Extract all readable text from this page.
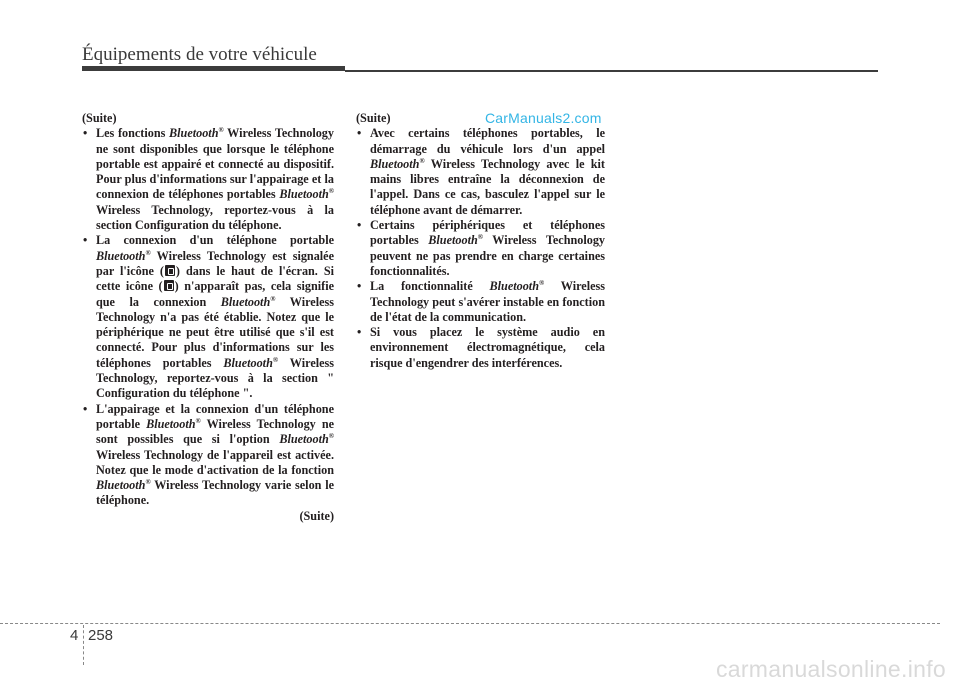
Équipements de votre véhicule
CarManuals2.com

(Suite)

• Les fonctions Bluetooth® Wireless Technology ne sont disponibles que lorsque le téléphone portable est appairé et connecté au dispositif. Pour plus d'informations sur l'appairage et la connexion de téléphones portables Bluetooth® Wireless Technology, reportez-vous à la section Configuration du téléphone.
• La connexion d'un téléphone portable Bluetooth® Wireless Technology est signalée par l'icône ( ) dans le haut de l'écran. Si cette icône ( ) n'apparaît pas, cela signifie que la connexion Bluetooth® Wireless Technology n'a pas été établie. Notez que le périphérique ne peut être utilisé que s'il est connecté. Pour plus d'informations sur les téléphones portables Bluetooth® Wireless Technology, reportez-vous à la section " Configuration du téléphone ".
• L'appairage et la connexion d'un téléphone portable Bluetooth® Wireless Technology ne sont possibles que si l'option Bluetooth® Wireless Technology de l'appareil est activée. Notez que le mode d'activation de la fonction Bluetooth® Wireless Technology varie selon le téléphone.

(Suite)

(Suite)

• Avec certains téléphones portables, le démarrage du véhicule lors d'un appel Bluetooth® Wireless Technology avec le kit mains libres entraîne la déconnexion de l'appel. Dans ce cas, basculez l'appel sur le téléphone avant de démarrer.
• Certains périphériques et téléphones portables Bluetooth® Wireless Technology peuvent ne pas prendre en charge certaines fonctionnalités.
• La fonctionnalité Bluetooth® Wireless Technology peut s'avérer instable en fonction de l'état de la communication.
• Si vous placez le système audio en environnement électromagnétique, cela risque d'engendrer des interférences.
4 258
carmanualsonline.info
